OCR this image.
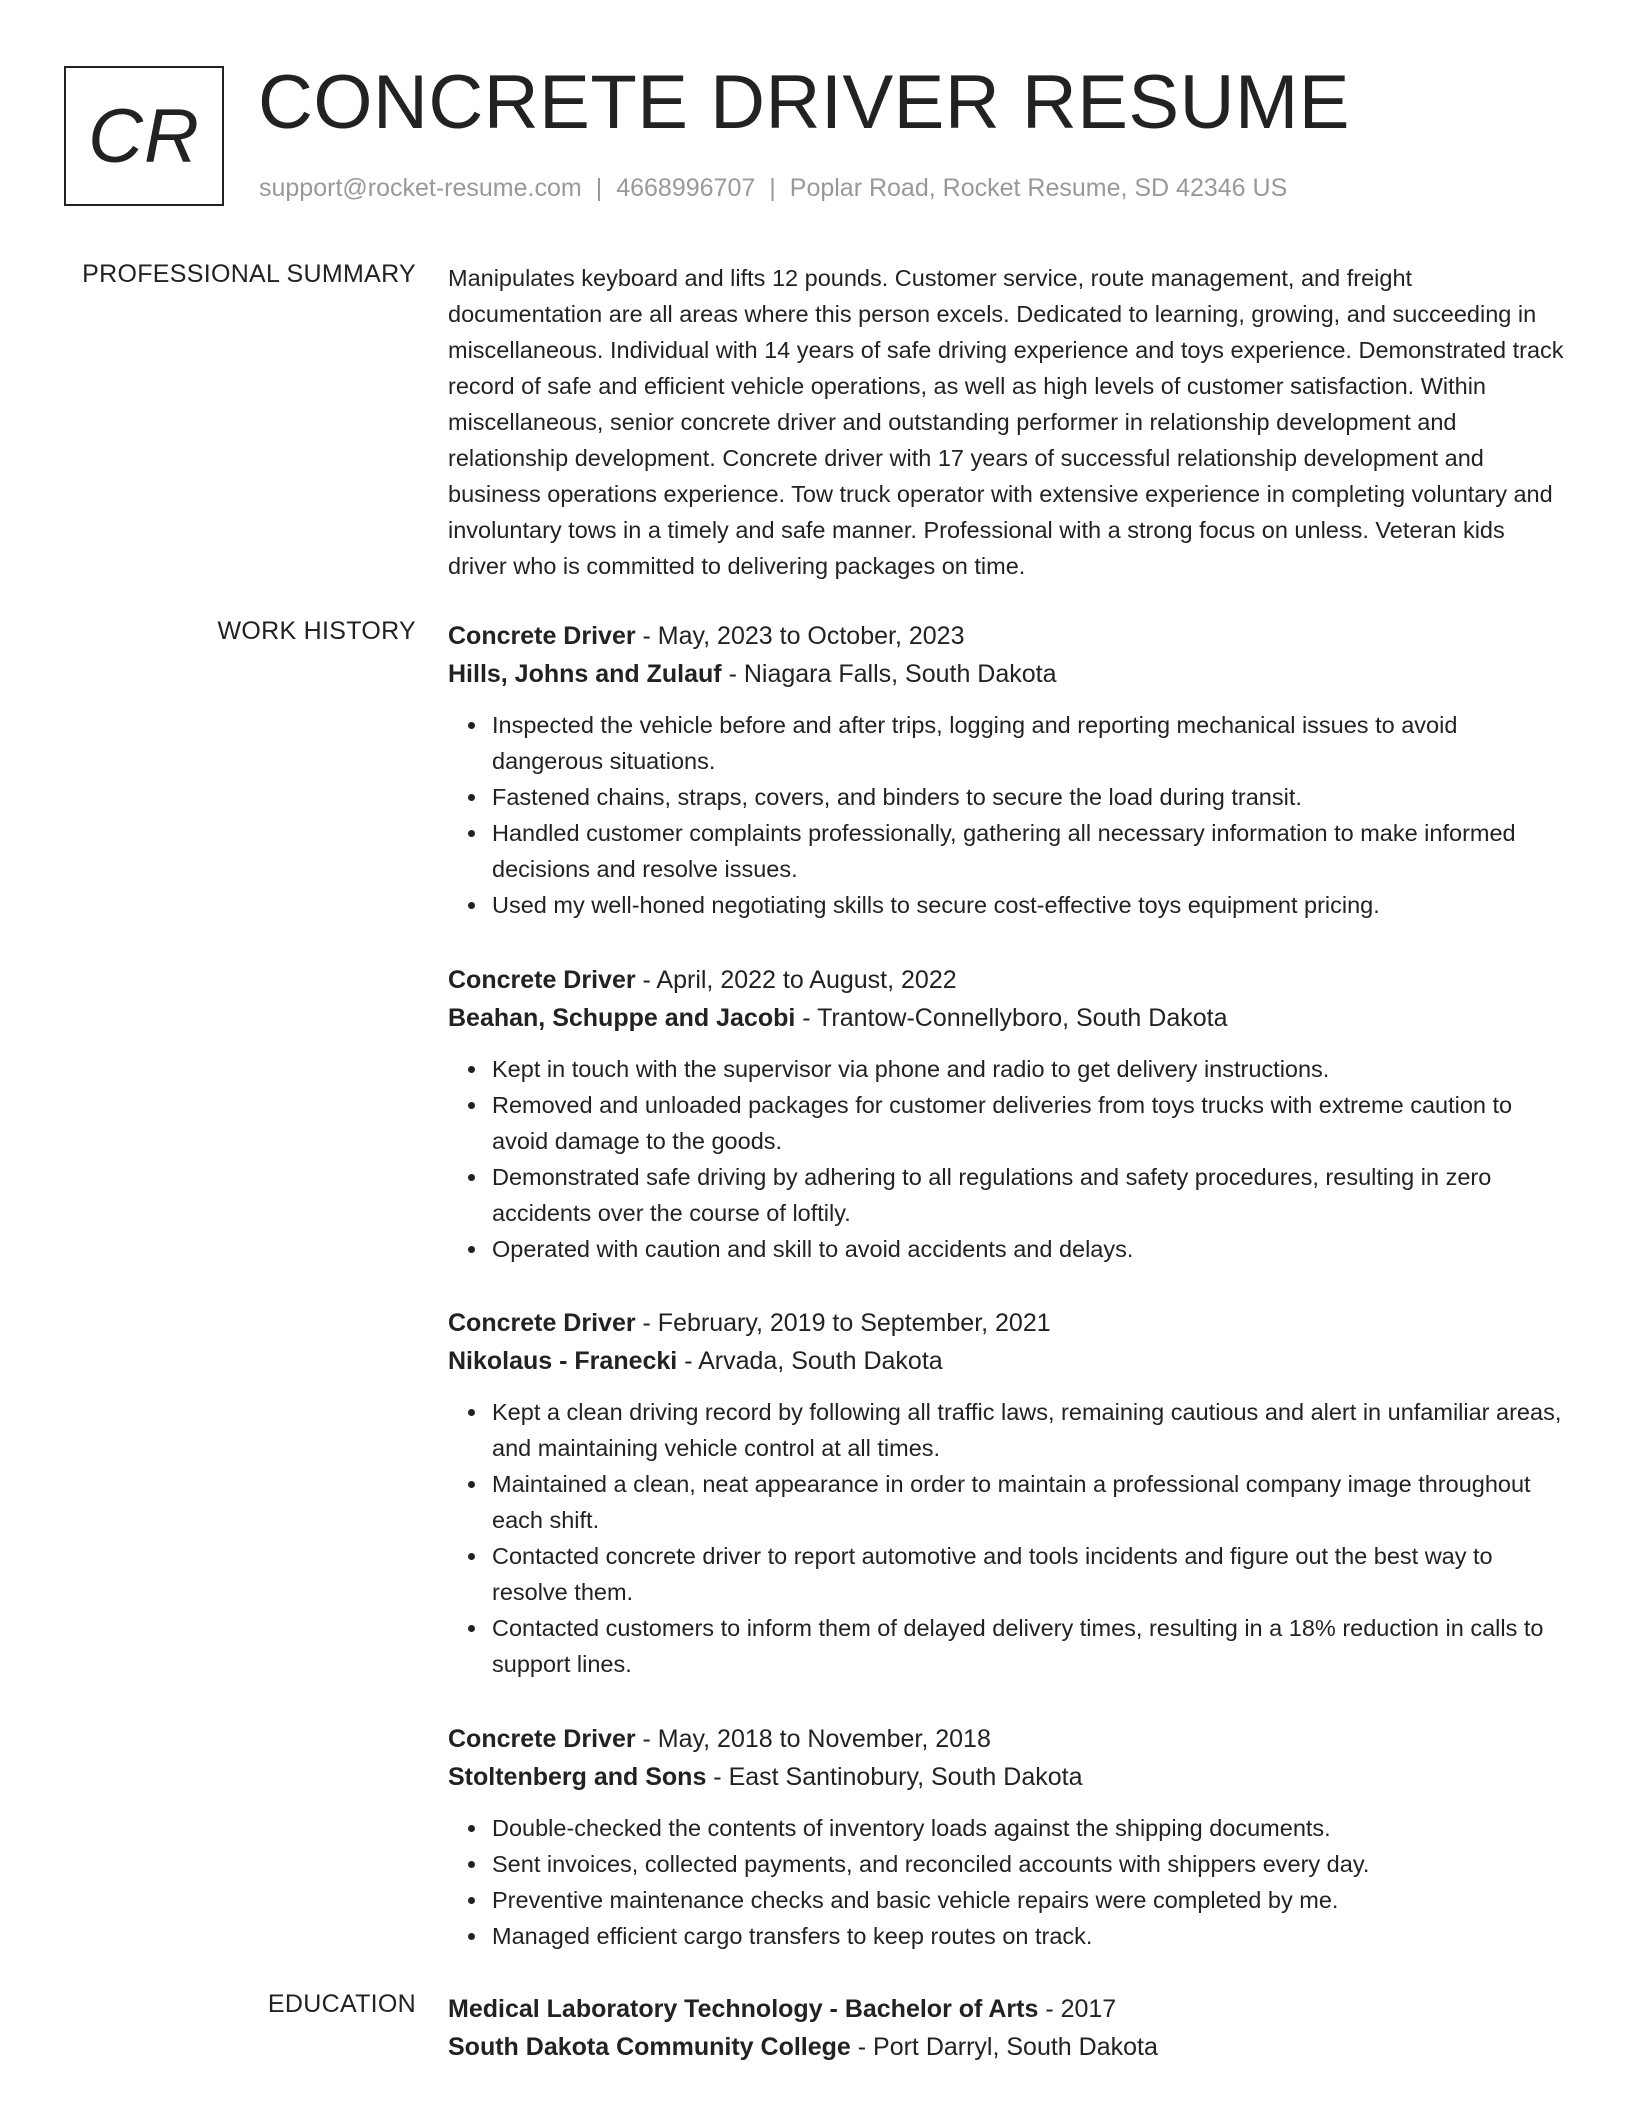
CR CONCRETE DRIVER RESUME
support@rocket-resume.com | 4668996707 | Poplar Road, Rocket Resume, SD 42346 US
PROFESSIONAL SUMMARY Manipulates keyboard and lifts 12 pounds. Customer service, route management, and freight documentation are all areas where this person excels. Dedicated to learning, growing, and succeeding in miscellaneous. Individual with 14 years of safe driving experience and toys experience. Demonstrated track record of safe and efficient vehicle operations, as well as high levels of customer satisfaction. Within miscellaneous, senior concrete driver and outstanding performer in relationship development and relationship development. Concrete driver with 17 years of successful relationship development and business operations experience. Tow truck operator with extensive experience in completing voluntary and involuntary tows in a timely and safe manner. Professional with a strong focus on unless. Veteran kids driver who is committed to delivering packages on time.

WORK HISTORY Concrete Driver - May, 2023 to October, 2023
Hills, Johns and Zulauf - Niagara Falls, South Dakota
Inspected the vehicle before and after trips, logging and reporting mechanical issues to avoid dangerous situations.
Fastened chains, straps, covers, and binders to secure the load during transit.
Handled customer complaints professionally, gathering all necessary information to make informed decisions and resolve issues.
Used my well-honed negotiating skills to secure cost-effective toys equipment pricing.
Concrete Driver - April, 2022 to August, 2022
Beahan, Schuppe and Jacobi - Trantow-Connellyboro, South Dakota
Kept in touch with the supervisor via phone and radio to get delivery instructions.
Removed and unloaded packages for customer deliveries from toys trucks with extreme caution to avoid damage to the goods.
Demonstrated safe driving by adhering to all regulations and safety procedures, resulting in zero accidents over the course of loftily.
Operated with caution and skill to avoid accidents and delays.
Concrete Driver - February, 2019 to September, 2021
Nikolaus - Franecki - Arvada, South Dakota
Kept a clean driving record by following all traffic laws, remaining cautious and alert in unfamiliar areas, and maintaining vehicle control at all times.
Maintained a clean, neat appearance in order to maintain a professional company image throughout each shift.
Contacted concrete driver to report automotive and tools incidents and figure out the best way to resolve them.
Contacted customers to inform them of delayed delivery times, resulting in a 18% reduction in calls to support lines.
Concrete Driver - May, 2018 to November, 2018
Stoltenberg and Sons - East Santinobury, South Dakota
Double-checked the contents of inventory loads against the shipping documents.
Sent invoices, collected payments, and reconciled accounts with shippers every day.
Preventive maintenance checks and basic vehicle repairs were completed by me.
Managed efficient cargo transfers to keep routes on track.
EDUCATION Medical Laboratory Technology - Bachelor of Arts - 2017
South Dakota Community College - Port Darryl, South Dakota
